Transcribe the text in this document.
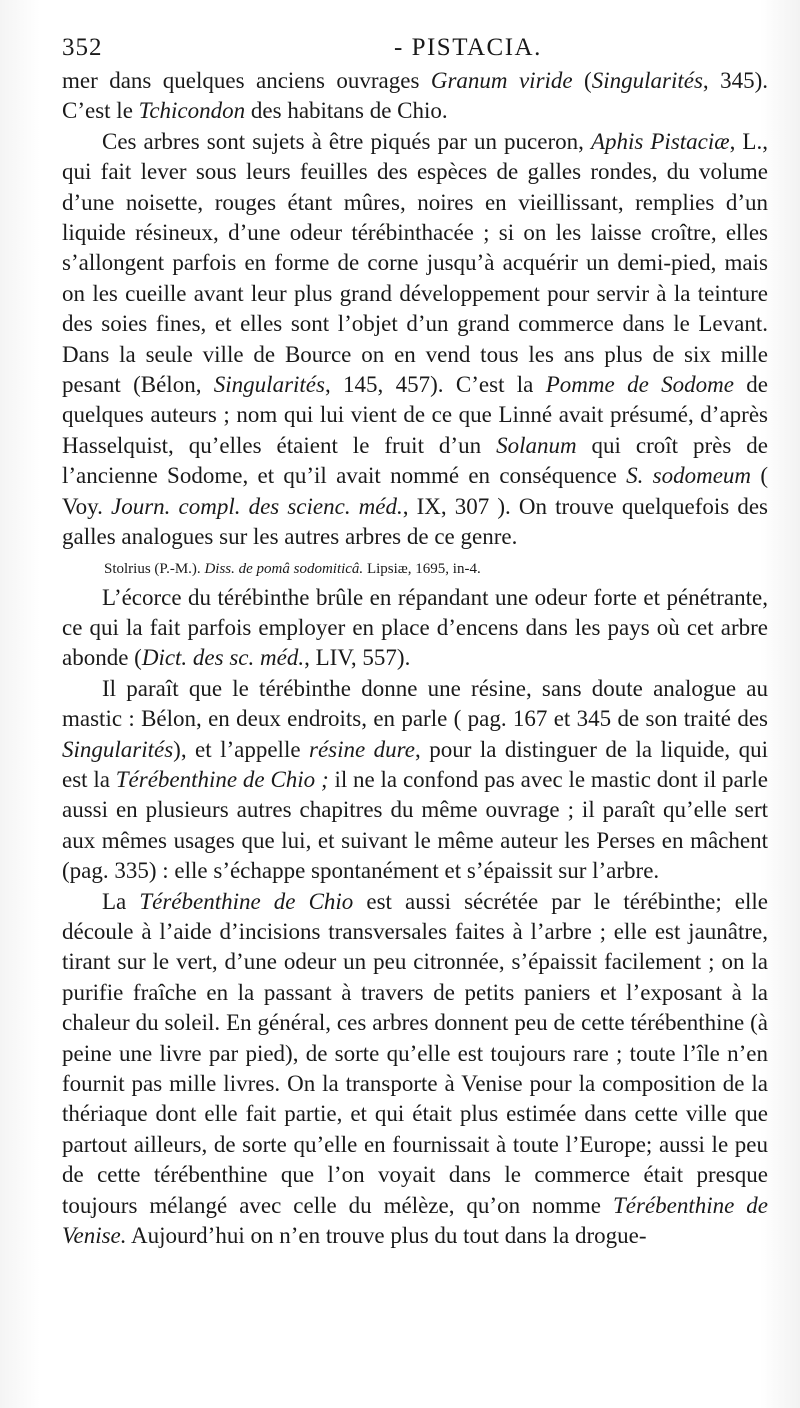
352	- PISTACIA.

mer dans quelques anciens ouvrages Granum viride (Singularités, 345). C’est le Tchicondon des habitans de Chio.

Ces arbres sont sujets à être piqués par un puceron, Aphis Pistaciæ, L., qui fait lever sous leurs feuilles des espèces de galles rondes, du volume d’une noisette, rouges étant mûres, noires en vieillissant, remplies d’un liquide résineux, d’une odeur térébinthacée ; si on les laisse croître, elles s’allongent parfois en forme de corne jusqu’à acquérir un demi-pied, mais on les cueille avant leur plus grand développement pour servir à la teinture des soies fines, et elles sont l’objet d’un grand commerce dans le Levant. Dans la seule ville de Bource on en vend tous les ans plus de six mille pesant (Bélon, Singularités, 145, 457). C’est la Pomme de Sodome de quelques auteurs ; nom qui lui vient de ce que Linné avait présumé, d’après Hasselquist, qu’elles étaient le fruit d’un Solanum qui croît près de l’ancienne Sodome, et qu’il avait nommé en conséquence S. sodomeum ( Voy. Journ. compl. des scienc. méd., IX, 307 ). On trouve quelquefois des galles analogues sur les autres arbres de ce genre.

Stolrius (P.-M.). Diss. de pomâ sodomiticâ. Lipsiæ, 1695, in-4.

L’écorce du térébinthe brûle en répandant une odeur forte et pénétrante, ce qui la fait parfois employer en place d’encens dans les pays où cet arbre abonde (Dict. des sc. méd., LIV, 557).

Il paraît que le térébinthe donne une résine, sans doute analogue au mastic : Bélon, en deux endroits, en parle ( pag. 167 et 345 de son traité des Singularités), et l’appelle résine dure, pour la distinguer de la liquide, qui est la Térébenthine de Chio ; il ne la confond pas avec le mastic dont il parle aussi en plusieurs autres chapitres du même ouvrage ; il paraît qu’elle sert aux mêmes usages que lui, et suivant le même auteur les Perses en mâchent (pag. 335) : elle s’échappe spontanément et s’épaissit sur l’arbre.

La Térébenthine de Chio est aussi sécrétée par le térébinthe; elle découle à l’aide d’incisions transversales faites à l’arbre ; elle est jaunâtre, tirant sur le vert, d’une odeur un peu citronnée, s’épaissit facilement ; on la purifie fraîche en la passant à travers de petits paniers et l’exposant à la chaleur du soleil. En général, ces arbres donnent peu de cette térébenthine (à peine une livre par pied), de sorte qu’elle est toujours rare ; toute l’île n’en fournit pas mille livres. On la transporte à Venise pour la composition de la thériaque dont elle fait partie, et qui était plus estimée dans cette ville que partout ailleurs, de sorte qu’elle en fournissait à toute l’Europe; aussi le peu de cette térébenthine que l’on voyait dans le commerce était presque toujours mélangé avec celle du mélèze, qu’on nomme Térébenthine de Venise. Aujourd’hui on n’en trouve plus du tout dans la drogue-
